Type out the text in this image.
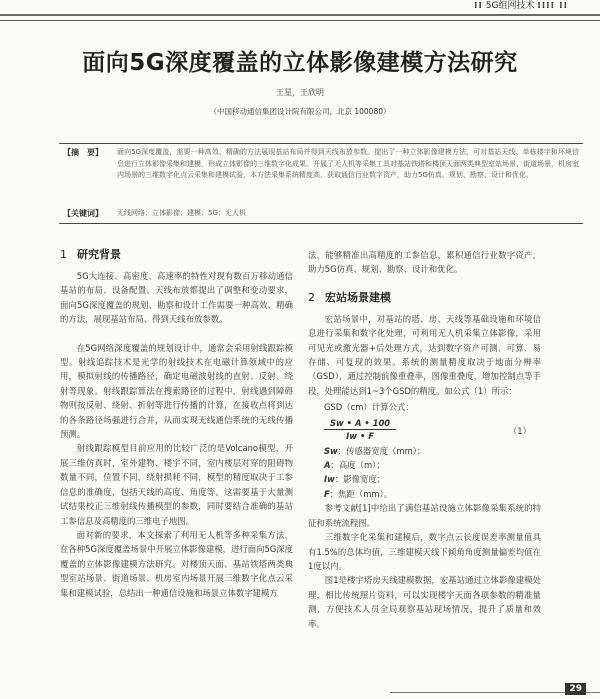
⁞⁞ 5G组网技术 ⁞⁞⁞⁞ ⁞⁞
面向5G深度覆盖的立体影像建模方法研究
王星，王欣明
（中国移动通信集团设计院有限公司，北京 100080）
【摘　要】 面向5G深度覆盖，需要一种高效、精确的方法展现基站布局并得到天线布放参数。提出了一种立体影像建模方法，可对基站天线、单栋楼宇和环境信息进行立体影像采集和建模，形成立体影像的三维数字化成果。开展了无人机等采集工具对基站铁塔和楼顶天面两类典型室站场景、街道场景，机房室内场景的三维数字化点云采集和建模试验，本方法采集系统精度高，获取通信行业数字资产，助力5G仿真、规划、勘察、设计和优化。
【关键词】 无线网络；立体影像；建模；5G；无人机
1 研究背景

5G大连接、高密度、高速率的特性对现有数百万移动通信基站的布局、设备配置、天线布放都提出了调整和变动要求，面向5G深度覆盖的规划、勘察和设计工作需要一种高效、精确的方法，展现基站布局、得到天线布放参数。

在5G网络深度覆盖的规划设计中，通常会采用射线跟踪模型。射线追踪技术是光学的射线技术在电磁计算领域中的应用，模拟射线的传播路径，确定电磁波射线的直射、反射、绕射等现象。射线跟踪算法在搜索路径的过程中，射线遇到障碍物则按反射、绕射、折射等进行传播的计算，在接收点将到达的各条路径场强进行合并，从而实现无线通信系统的无线传播预测。

射线跟踪模型目前应用的比较广泛的是Volcano模型，开展三维仿真时，室外建物、楼宇不同，室内楼层对穿的阻碍物数量不同，位置不同，绕射损耗不同，模型的精度取决于工参信息的准确度，包括天线的高度、角度等。这需要基于大量测试结果校正三维射线传播模型的参数，同时要结合准确的基站工参信息及高精度的三维电子地图。

面对新的要求，本文探索了利用无人机等多种采集方法，在各种5G深度覆盖场景中开展立体影像建模，进行面向5G深度覆盖的立体影像建模方法研究。对楼顶天面、基站铁塔两类典型室站场景、街道场景、机房室内场景开展三维数字化点云采集和建模试验，总结出一种通信设施和场景立体数字建模方

法，能够精准出高精度的工参信息，累积通信行业数字资产，助力5G仿真、规划、勘察、设计和优化。

2 宏站场景建模

宏站场景中，对基站的塔、房、天线等基础设施和环境信息进行采集和数字化处理，可利用无人机采集立体影像，采用可见光或激光器+后处理方式，达到数字资产可测、可算、易存储、可复现的效果。系统的测量精度取决于地面分辨率（GSD），通过控制前像重叠率，图像重叠度，增加控制点等手段，处理能达到1~3个GSD的精度。如公式（1）所示：

GSD（cm）计算公式：
$\frac{Sw • A • 100}{Iw • F}$	（1）
Sw：传感器宽度（mm）；
A：高度（m）；
Iw：影像宽度；
F：焦距（mm）。

参考文献[1]中给出了满信基站设施立体影像采集系统的特征和系统流程图。

三维数字化采集和建模后，数字点云长度误差率测量值具有1.5%的总体均值，三维建模天线下倾角角度测量偏差均值在1度以内。

图1是楼宇塔房天线建模数据，宏基站通过立体影像建模处理，相比传统照片资料，可以实现楼宇天面各项参数的精准量测，方便技术人员全局观察基站现场情况，提升了质量和效率。

29
